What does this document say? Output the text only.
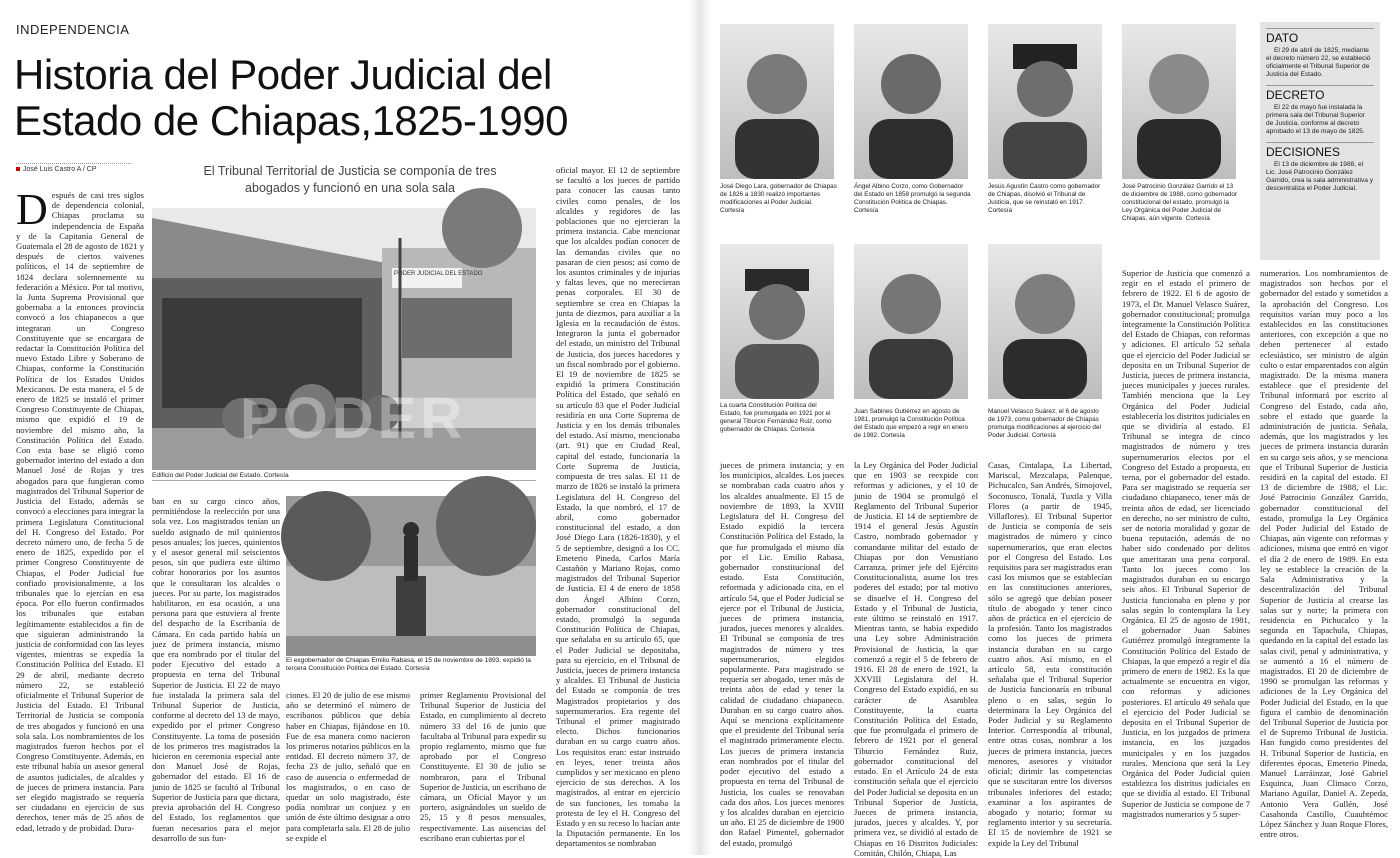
INDEPENDENCIA
Historia del Poder Judicial del
Estado de Chiapas,1825-1990
José Luis Castro A / CP	El Tribunal Territorial de Justicia se componía de tres abogados y funcionó en una sola sala
Después de casi tres siglos de dependencia colonial, Chiapas proclama su independencia de España y de la Capitanía General de Guatemala el 28 de agosto de 1821 y después de ciertos vaivenes políticos, el 14 de septiembre de 1824 declara solemnemente su federación a México. Por tal motivo, la Junta Suprema Provisional que gobernaba a la entonces provincia convocó a los chiapanecos a que integraran un Congreso Constituyente que se encargara de redactar la Constitución Política del nuevo Estado Libre y Soberano de Chiapas, conforme la Constitución Política de los Estados Unidos Mexicanos. De esta manera, el 5 de enero de 1825 se instaló el primer Congreso Constituyente de Chiapas, mismo que expidió el 19 de noviembre del mismo año, la Constitución Política del Estado. Con esta base se eligió como gobernador interino del estado a don Manuel José de Rojas y tres abogados para que fungieran como magistrados del Tribunal Superior de Justicia del Estado, además se convocó a elecciones para integrar la primera Legislatura Constitucional del H. Congreso del Estado. Por decreto número uno, de fecha 5 de enero de 1825, expedido por el primer Congreso Constituyente de Chiapas, el Poder Judicial fue confiado provisionalmente, a los tribunales que lo ejercían en esa época. Por ello fueron confirmados los tribunales que estaban legítimamente establecidos a fin de que siguieran administrando la justicia de conformidad con las leyes vigentes, mientras se expedía la Constitución Política del Estado. El 29 de abril, mediante decreto número 22, se estableció oficialmente el Tribunal Superior de Justicia del Estado. El Tribunal Territorial de Justicia se componía de tres abogados y funcionó en una sola sala. Los nombramientos de los magistrados fueron hechos por el Congreso Constituyente. Además, en este tribunal había un asesor general de asuntos judiciales, de alcaldes y de jueces de primera instancia. Para ser elegido magistrado se requería ser ciudadano en ejercicio de sus derechos, tener más de 25 años de edad, letrado y de probidad. Dura-
PODER JUDICIAL DEL ESTADO
Edificio del Poder Judicial del Estado. Cortesía
PODER
El exgobernador de Chiapas Emilio Rabasa, el 15 de noviembre de 1893, expidió la tercera Constitución Política del Estado. Cortesía
ban en su cargo cinco años, permitiéndose la reelección por una sola vez. Los magistrados tenían un sueldo asignado de mil quinientos pesos anuales; los jueces, quinientos y el asesor general mil seiscientos pesos, sin que pudiera este último cobrar honorarios por los asuntos que le consultaran los alcaldes o jueces. Por su parte, los magistrados habilitaron, en esa ocasión, a una persona para que estuviera al frente del despacho de la Escribanía de Cámara. En cada partido había un juez de primera instancia, mismo que era nombrado por el titular del poder Ejecutivo del estado a propuesta en terna del Tribunal Superior de Justicia. El 22 de mayo fue instalada la primera sala del Tribunal Superior de Justicia, conforme al decreto del 13 de mayo, expedido por el primer Congreso Constituyente. La toma de posesión de los primeros tres magistrados la hicieron en ceremonia especial ante don Manuel José de Rojas, gobernador del estado. El 16 de junio de 1825 se facultó al Tribunal Superior de Justicia para que dictara, previa aprobación del H. Congreso del Estado, los reglamentos que fueran necesarios para el mejor desarrollo de sus fun-
ciones. El 20 de julio de ese mismo año se determinó el número de escribanos públicos que debía haber en Chiapas, fijándose en 10. Fue de esa manera como nacieron los primeros notarios públicos en la entidad. El decreto número 37, de fecha 23 de julio, señaló que en caso de ausencia o enfermedad de los magistrados, o en caso de quedar un solo magistrado, éste podía nombrar un conjuez y en unión de éste último designar a otro para completarla sala. El 28 de julio se expide el
oficial mayor. El 12 de septiembre se facultó a los jueces de partido para conocer las causas tanto civiles como penales, de los alcaldes y regidores de las poblaciones que no ejercieran la primera instancia. Cabe mencionar que los alcaldes podían conocer de las demandas civiles que no pasaran de cien pesos; así como de los asuntos criminales y de injurias y faltas leves, que no merecieran penas corporales. El 30 de septiembre se crea en Chiapas la junta de diezmos, para auxiliar a la Iglesia en la recaudación de éstos. Integraron la junta el gobernador del estado, un ministro del Tribunal de Justicia, dos jueces hacedores y un fiscal nombrado por el gobierno. El 19 de noviembre de 1825 se expidió la primera Constitución Política del Estado, que señaló en su artículo 83 que el Poder Judicial residiría en una Corte Suprema de Justicia y en los demás tribunales del estado. Así mismo, mencionaba (art. 91) que en Ciudad Real, capital del estado, funcionaría la Corte Suprema de Justicia, compuesta de tres salas. El 11 de marzo de 1826 se instaló la primera Legislatura del H. Congreso del Estado, la que nombró, el 17 de abril, como gobernador constitucional del estado, a don José Diego Lara (1826-1830), y el 5 de septiembre, designó a los CC. Emeterio Pineda, Carlos María Castañón y Mariano Rojas, como magistrados del Tribunal Superior de Justicia. El 4 de enero de 1858 don Ángel Albino Corzo, gobernador constitucional del estado, promulgó la segunda Constitución Política de Chiapas, que señalaba en su artículo 65, que el Poder Judicial se depositaba, para su ejercicio, en el Tribunal de Justicia, jueces de primera instancia y alcaldes. El Tribunal de Justicia del Estado se componía de tres Magistrados propietarios y dos supernumerarios. Era regente del Tribunal el primer magistrado electo. Dichos funcionarios duraban en su cargo cuatro años. Los requisitos eran: estar instruido en leyes, tener treinta años cumplidos y ser mexicano en pleno ejercicio de sus derechos. A los magistrados, al entrar en ejercicio de sus funciones, les tomaba la protesta de ley el H. Congreso del Estado y en su receso lo hacían ante la Diputación permanente. En los departamentos se nombraban
primer Reglamento Provisional del Tribunal Superior de Justicia del Estado, en cumplimiento al decreto número 33 del 16 de junio que facultaba al Tribunal para expedir su propio reglamento, mismo que fue aprobado por el Congreso Constituyente. El 30 de julio se nombraron, para el Tribunal Superior de Justicia, un escribano de cámara, un Oficial Mayor y un portero, asignándoles un sueldo de 25, 15 y 8 pesos mensuales, respectivamente. Las ausencias del escribano eran cubiertas por el
José Diego Lara, gobernador de Chiapas de 1826 a 1830 realizó importantes modificaciones al Poder Judicial. Cortesía
Ángel Albino Corzo, como Gobernador del Estado en 1858 promulgó la segunda Constitución Política de Chiapas. Cortesía
Jesús Agustín Castro como gobernador de Chiapas, disolvió el Tribunal de Justicia, que se reinstaló en 1917. Cortesía
José Patrocinio González Garrido el 13 de diciembre de 1988, como gobernador constitucional del estado, promulgó la Ley Orgánica del Poder Judicial de Chiapas, aún vigente. Cortesía
La cuarta Constitución Política del Estado, fue promulgada en 1921 por el general Tiburcio Fernández Ruiz, como gobernador de Chiapas. Cortesía
Juan Sabines Gutiérrez en agosto de 1981, promulgó la Constitución Política del Estado que empezó a regir en enero de 1982. Cortesía
Manuel Velasco Suárez, el 6 de agosto de 1973, como gobernador de Chiapas promulga modificaciones al ejercicio del Poder Judicial. Cortesía
DATO
El 29 de abril de 1825, mediante el decreto número 22, se estableció oficialmente el Tribunal Superior de Justicia del Estado.
DECRETO
El 22 de mayo fue instalada la primera sala del Tribunal Superior de Justicia, conforme al decreto aprobado el 13 de mayo de 1825.
DECISIONES
El 13 de diciembre de 1988, el Lic. José Patrocinio González Garrido, crea la sala administrativa y descentraliza el Poder Judicial.
jueces de primera instancia; y en los municipios, alcaldes. Los jueces se nombraban cada cuatro años y los alcaldes anualmente. El 15 de noviembre de 1893, la XVIII Legislatura del H. Congreso del Estado expidió la tercera Constitución Política del Estado, la que fue promulgada el mismo día por el Lic. Emilio Rabasa, gobernador constitucional del estado. Esta Constitución, reformada y adicionada cita, en el artículo 54, que el Poder Judicial se ejerce por el Tribunal de Justicia, jueces de primera instancia, jurados, jueces menores y alcaldes. El Tribunal se componía de tres magistrados de número y tres supernumerarios, elegidos popularmente. Para magistrado se requería ser abogado, tener más de treinta años de edad y tener la calidad de ciudadano chiapaneco. Duraban en su cargo cuatro años. Aquí se menciona explícitamente que el presidente del Tribunal sería el magistrado primeramente electo. Los jueces de primera instancia eran nombrados por el titular del poder ejecutivo del estado a propuesta en terna del Tribunal de Justicia, los cuales se renovaban cada dos años. Los jueces menores y los alcaldes duraban en ejercicio un año. El 25 de diciembre de 1900 don Rafael Pimentel, gobernador del estado, promulgó
la Ley Orgánica del Poder Judicial que en 1903 se reexpide con reformas y adiciones, y el 10 de junio de 1904 se promulgó el Reglamento del Tribunal Superior de Justicia. El 14 de septiembre de 1914 el general Jesús Agustín Castro, nombrado gobernador y comandante militar del estado de Chiapas por don Venustiano Carranza, primer jefe del Ejército Constitucionalista, asume los tres poderes del estado; por tal motivo se disuelve el H. Congreso del Estado y el Tribunal de Justicia, este último se reinstaló en 1917. Mientras tanto, se había expedido una Ley sobre Administración Provisional de Justicia, la que comenzó a regir el 5 de febrero de 1916. El 28 de enero de 1921, la XXVIII Legislatura del H. Congreso del Estado expidió, en su carácter de Asamblea Constituyente, la cuarta Constitución Política del Estado, que fue promulgada el primero de febrero de 1921 por el general Tiburcio Fernández Ruiz, gobernador constitucional del estado. En el Artículo 24 de esta constitución señala que el ejercicio del Poder Judicial se deposita en un Tribunal Superior de Justicia, Jueces de primera instancia, jurados, jueces y alcaldes. Y, por primera vez, se dividió al estado de Chiapas en 16 Distritos Judiciales: Comitán, Chilón, Chiapa, Las
Casas, Cintalapa, La Libertad, Mariscal, Mezcalapa, Palenque, Pichucalco, San Andrés, Simojovel, Soconusco, Tonalá, Tuxtla y Villa Flores (a partir de 1945, Villaflores). El Tribunal Superior de Justicia se componía de seis magistrados de número y cinco supernumerarios, que eran electos por el Congreso del Estado. Los requisitos para ser magistrados eran casi los mismos que se establecían en las constituciones anteriores, sólo se agregó que debían poseer título de abogado y tener cinco años de práctica en el ejercicio de la profesión. Tanto los magistrados como los jueces de primera instancia duraban en su cargo cuatro años. Así mismo, en el artículo 58, esta constitución señalaba que el Tribunal Superior de Justicia funcionaría en tribunal pleno o en salas, según lo determinara la Ley Orgánica del Poder Judicial y su Reglamento Interior. Correspondía al tribunal, entre otras cosas, nombrar a los jueces de primera instancia, jueces menores, asesores y visitador oficial; dirimir las competencias que se suscitaran entre los diversos tribunales inferiores del estado; examinar a los aspirantes de abogado y notario; formar su reglamento interior y su secretaría. El 15 de noviembre de 1921 se expide la Ley del Tribunal
Superior de Justicia que comenzó a regir en el estado el primero de febrero de 1922. El 6 de agosto de 1973, el Dr. Manuel Velasco Suárez, gobernador constitucional; promulga íntegramente la Constitución Política del Estado de Chiapas, con reformas y adiciones. El artículo 52 señala que el ejercicio del Poder Judicial se deposita en un Tribunal Superior de Justicia, jueces de primera instancia, jueces municipales y jueces rurales. También menciona que la Ley Orgánica del Poder Judicial establecería los distritos judiciales en que se dividiría al estado. El Tribunal se integra de cinco magistrados de número y tres supernumerarios electos por el Congreso del Estado a propuesta, en terna, por el gobernador del estado. Para ser magistrado se requería ser ciudadano chiapaneco, tener más de treinta años de edad, ser licenciado en derecho, no ser ministro de culto, ser de notoria moralidad y gozar de buena reputación, además de no haber sido condenado por delitos que ameritaran una pena corporal. Tanto los jueces como los magistrados duraban en su encargo seis años. El Tribunal Superior de Justicia funcionaba en pleno y por salas según lo contemplara la Ley Orgánica. El 25 de agosto de 1981, el gobernador Juan Sabines Gutiérrez promulgó íntegramente la Constitución Política del Estado de Chiapas, la que empezó a regir el día primero de enero de 1982. Es la que actualmente se encuentra en vigor, con reformas y adiciones posteriores. El artículo 49 señala que el ejercicio del Poder Judicial se deposita en el Tribunal Superior de Justicia, en los juzgados de primera instancia, en los juzgados municipales y en los juzgados rurales. Menciona que será la Ley Orgánica del Poder Judicial quien establezca los distritos judiciales en que se dividía al estado. El Tribunal Superior de Justicia se compone de 7 magistrados numerarios y 5 super-
numerarios. Los nombramientos de magistrados son hechos por el gobernador del estado y sometidos a la aprobación del Congreso. Los requisitos varían muy poco a los establecidos en las constituciones anteriores, con excepción a que no deben pertenecer al estado eclesiástico, ser ministro de algún culto o estar emparentados con algún magistrado. De la misma manera establece que el presidente del Tribunal informará por escrito al Congreso del Estado, cada año, sobre el estado que guarde la administración de justicia. Señala, además, que los magistrados y los jueces de primera instancia durarán en su cargo seis años, y se menciona que el Tribunal Superior de Justicia residirá en la capital del estado. El 13 de diciembre de 1988, el Lic. José Patrocinio González Garrido, gobernador constitucional del estado, promulga la Ley Orgánica del Poder Judicial del Estado de Chiapas, aún vigente con reformas y adiciones, misma que entró en vigor el día 2 de enero de 1989. En esta ley se establece la creación de la Sala Administrativa y la descentralización del Tribunal Superior de Justicia al crearse las salas sur y norte; la primera con residencia en Pichucalco y la segunda en Tapachula, Chiapas, quedando en la capital del estado las salas civil, penal y administrativa, y se aumentó a 16 el número de magistrados. El 20 de diciembre de 1990 se promulgan las reformas y adiciones de la Ley Orgánica del Poder Judicial del Estado, en la que figura el cambio de denominación del Tribunal Superior de Justicia por el de Supremo Tribunal de Justicia. Han fungido como presidentes del H. Tribunal Superior de Justicia, en diferentes épocas, Emeterio Pineda, Manuel Larráinzar, José Gabriel Esquinca, Juan Climaco Corzo, Mariano Aguilar, Daniel A. Zepeda, Antonio Vera Gullén, José Casahonda Castillo, Cuauhtémoc López Sánchez y Juan Roque Flores, entre otros.
